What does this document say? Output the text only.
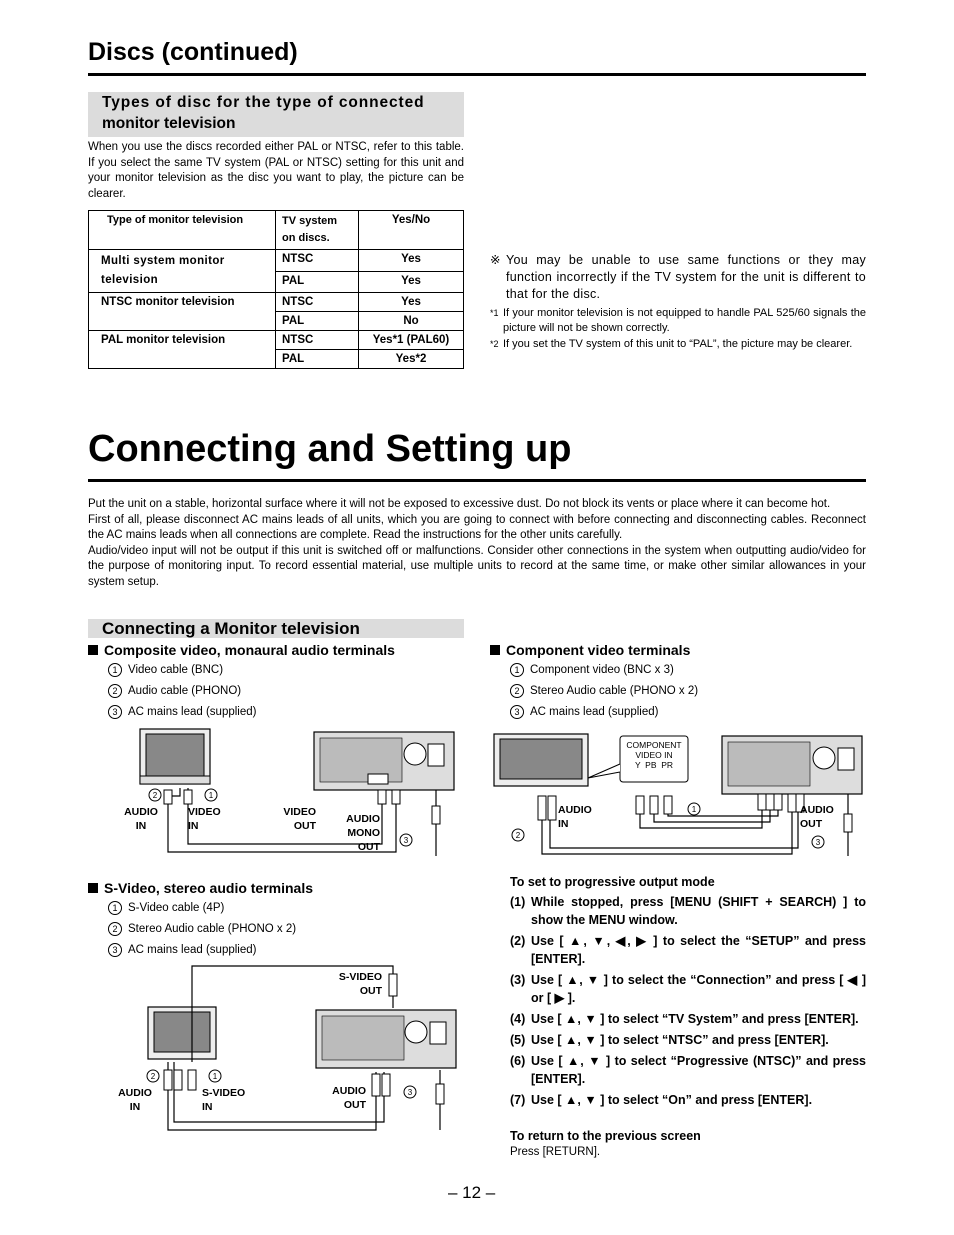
Discs (continued)
Types of disc for the type of connected
monitor television
When you use the discs recorded either PAL or NTSC, refer to this table. If you select the same TV system (PAL or NTSC) setting for this unit and your monitor television as the disc you want to play, the picture can be clearer.
Type of monitor television	TV system on discs.	Yes/No
Multi system monitor television	NTSC	Yes
	PAL	Yes
NTSC monitor television	NTSC	Yes
	PAL	No
PAL monitor television	NTSC	Yes*1 (PAL60)
	PAL	Yes*2
※ You may be unable to use same functions or they may function incorrectly if the TV system for the unit is different to that for the disc.
*1 If your monitor television is not equipped to handle PAL 525/60 signals the picture will not be shown correctly.
*2 If you set the TV system of this unit to “PAL”, the picture may be clearer.
Connecting and Setting up
Put the unit on a stable, horizontal surface where it will not be exposed to excessive dust. Do not block its vents or place where it can become hot.
First of all, please disconnect AC mains leads of all units, which you are going to connect with before connecting and disconnecting cables. Reconnect the AC mains leads when all connections are complete. Read the instructions for the other units carefully.
Audio/video input will not be output if this unit is switched off or malfunctions. Consider other connections in the system when outputting audio/video for the purpose of monitoring input. To record essential material, use multiple units to record at the same time, or make other similar allowances in your system setup.
Connecting a Monitor television
Composite video, monaural audio terminals
1 Video cable (BNC)
2 Audio cable (PHONO)
3 AC mains lead (supplied)
2	1
3
AUDIO IN
VIDEO IN
VIDEO OUT
AUDIO MONO OUT
S-Video, stereo audio terminals
1 S-Video cable (4P)
2 Stereo Audio cable (PHONO x 2)
3 AC mains lead (supplied)
2	1
3
AUDIO IN
S-VIDEO IN
S-VIDEO OUT
AUDIO OUT
Component video terminals
1 Component video (BNC x 3)
2 Stereo Audio cable (PHONO x 2)
3 AC mains lead (supplied)
1
2
3
COMPONENT VIDEO IN
Y  PB  PR
AUDIO IN
AUDIO OUT
To set to progressive output mode
(1) While stopped, press [MENU (SHIFT + SEARCH) ] to show the MENU window.
(2) Use [ ▲, ▼, ◀, ▶ ] to select the “SETUP” and press [ENTER].
(3) Use [ ▲, ▼ ] to select the “Connection” and press [ ◀ ] or [ ▶ ].
(4) Use [ ▲, ▼ ] to select “TV System” and press [ENTER].
(5) Use [ ▲, ▼ ] to select “NTSC” and press [ENTER].
(6) Use [ ▲, ▼ ] to select “Progressive (NTSC)” and press [ENTER].
(7) Use [ ▲, ▼ ] to select “On” and press [ENTER].
To return to the previous screen
Press [RETURN].
– 12 –
